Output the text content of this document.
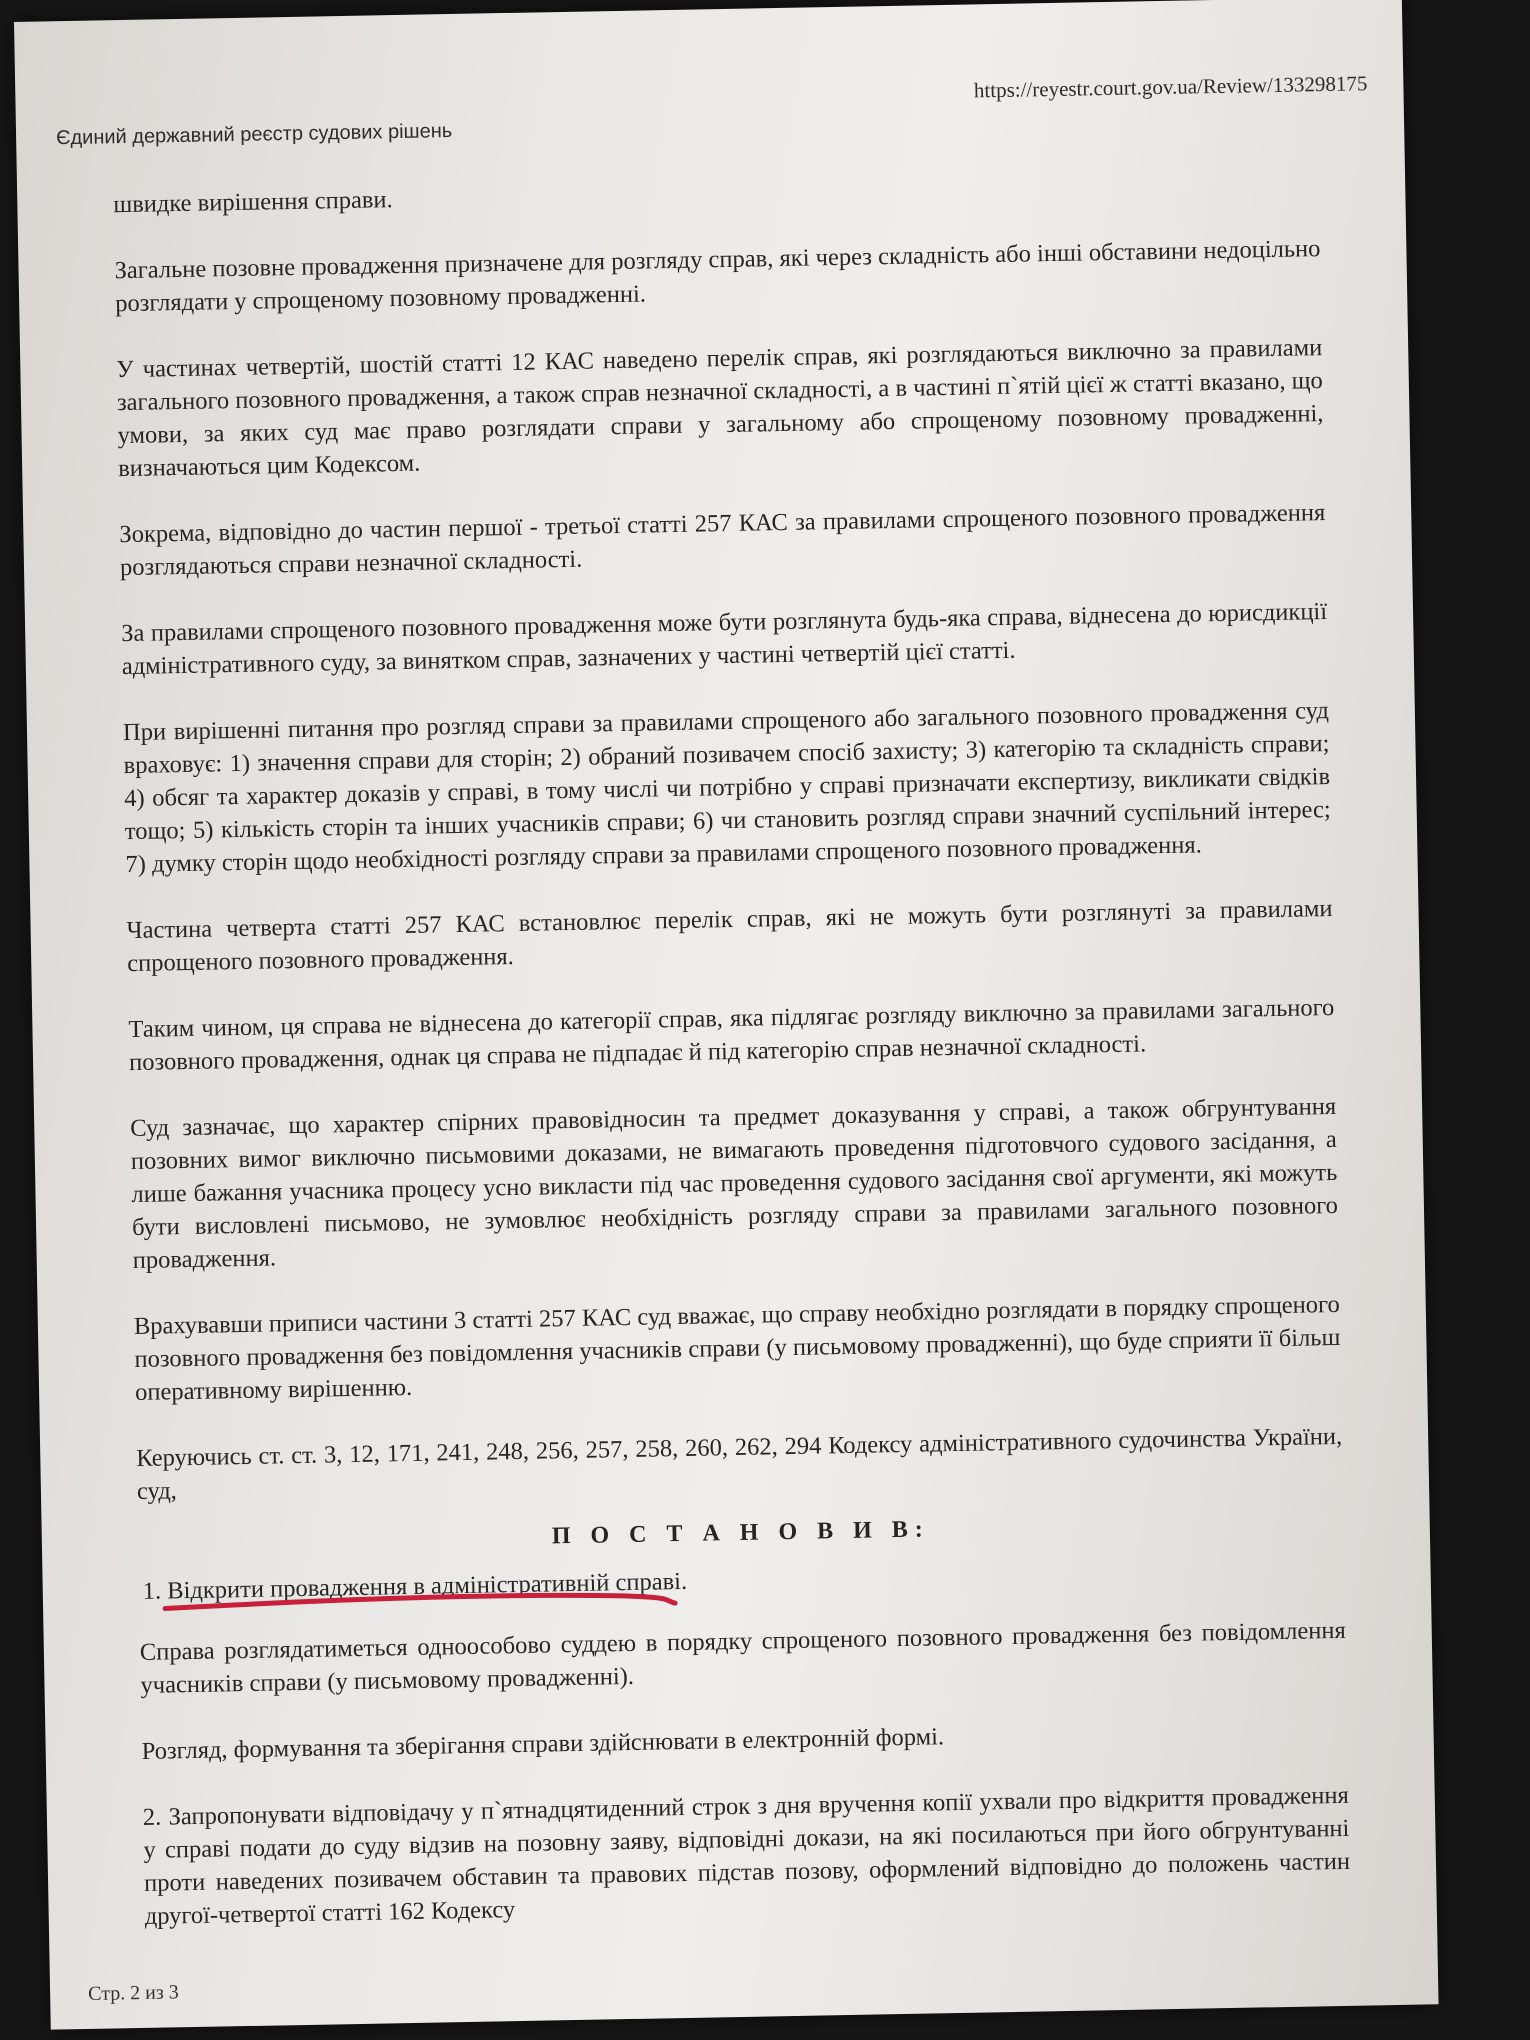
Єдиний державний реєстр судових рішень
https://reyestr.court.gov.ua/Review/133298175

швидке вирішення справи.

Загальне позовне провадження призначене для розгляду справ, які через складність або інші обставини недоцільно розглядати у спрощеному позовному провадженні.

У частинах четвертій, шостій статті 12 КАС наведено перелік справ, які розглядаються виключно за правилами загального позовного провадження, а також справ незначної складності, а в частині п`ятій цієї ж статті вказано, що умови, за яких суд має право розглядати справи у загальному або спрощеному позовному провадженні, визначаються цим Кодексом.

Зокрема, відповідно до частин першої - третьої статті 257 КАС за правилами спрощеного позовного провадження розглядаються справи незначної складності.

За правилами спрощеного позовного провадження може бути розглянута будь-яка справа, віднесена до юрисдикції адміністративного суду, за винятком справ, зазначених у частині четвертій цієї статті.

При вирішенні питання про розгляд справи за правилами спрощеного або загального позовного провадження суд враховує: 1) значення справи для сторін; 2) обраний позивачем спосіб захисту; 3) категорію та складність справи; 4) обсяг та характер доказів у справі, в тому числі чи потрібно у справі призначати експертизу, викликати свідків тощо; 5) кількість сторін та інших учасників справи; 6) чи становить розгляд справи значний суспільний інтерес; 7) думку сторін щодо необхідності розгляду справи за правилами спрощеного позовного провадження.

Частина четверта статті 257 КАС встановлює перелік справ, які не можуть бути розглянуті за правилами спрощеного позовного провадження.

Таким чином, ця справа не віднесена до категорії справ, яка підлягає розгляду виключно за правилами загального позовного провадження, однак ця справа не підпадає й під категорію справ незначної складності.

Суд зазначає, що характер спірних правовідносин та предмет доказування у справі, а також обгрунтування позовних вимог виключно письмовими доказами, не вимагають проведення підготовчого судового засідання, а лише бажання учасника процесу усно викласти під час проведення судового засідання свої аргументи, які можуть бути висловлені письмово, не зумовлює необхідність розгляду справи за правилами загального позовного провадження.

Врахувавши приписи частини 3 статті 257 КАС суд вважає, що справу необхідно розглядати в порядку спрощеного позовного провадження без повідомлення учасників справи (у письмовому провадженні), що буде сприяти її більш оперативному вирішенню.

Керуючись ст. ст. 3, 12, 171, 241, 248, 256, 257, 258, 260, 262, 294 Кодексу адміністративного судочинства України, суд,

П О С Т А Н О В И В:

1. Відкрити провадження в адміністративній справі.

Справа розглядатиметься одноособово суддею в порядку спрощеного позовного провадження без повідомлення учасників справи (у письмовому провадженні).

Розгляд, формування та зберігання справи здійснювати в електронній формі.

2. Запропонувати відповідачу у п`ятнадцятиденний строк з дня вручення копії ухвали про відкриття провадження у справі подати до суду відзив на позовну заяву, відповідні докази, на які посилаються при його обгрунтуванні проти наведених позивачем обставин та правових підстав позову, оформлений відповідно до положень частин другої-четвертої статті 162 Кодексу

Стр. 2 из 3
